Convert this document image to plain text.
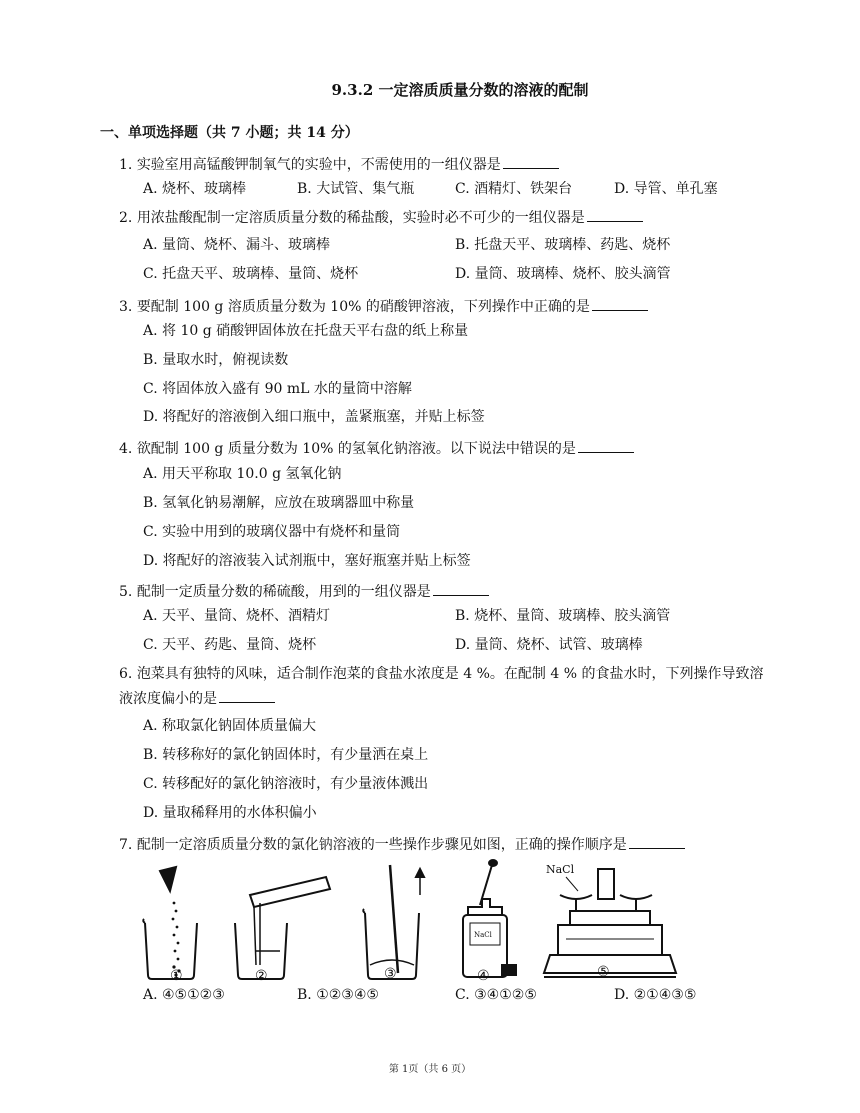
9.3.2 一定溶质质量分数的溶液的配制
一、单项选择题（共 7 小题；共 14 分）
1. 实验室用高锰酸钾制氧气的实验中，不需使用的一组仪器是
A. 烧杯、玻璃棒	B. 大试管、集气瓶	C. 酒精灯、铁架台	D. 导管、单孔塞
2. 用浓盐酸配制一定溶质质量分数的稀盐酸，实验时必不可少的一组仪器是
A. 量筒、烧杯、漏斗、玻璃棒	B. 托盘天平、玻璃棒、药匙、烧杯
C. 托盘天平、玻璃棒、量筒、烧杯	D. 量筒、玻璃棒、烧杯、胶头滴管
3. 要配制 100 g 溶质质量分数为 10% 的硝酸钾溶液，下列操作中正确的是
A. 将 10 g 硝酸钾固体放在托盘天平右盘的纸上称量
B. 量取水时，俯视读数
C. 将固体放入盛有 90 mL 水的量筒中溶解
D. 将配好的溶液倒入细口瓶中，盖紧瓶塞，并贴上标签
4. 欲配制 100 g 质量分数为 10% 的氢氧化钠溶液。以下说法中错误的是
A. 用天平称取 10.0 g 氢氧化钠
B. 氢氧化钠易潮解，应放在玻璃器皿中称量
C. 实验中用到的玻璃仪器中有烧杯和量筒
D. 将配好的溶液装入试剂瓶中，塞好瓶塞并贴上标签
5. 配制一定质量分数的稀硫酸，用到的一组仪器是
A. 天平、量筒、烧杯、酒精灯	B. 烧杯、量筒、玻璃棒、胶头滴管
C. 天平、药匙、量筒、烧杯	D. 量筒、烧杯、试管、玻璃棒
6. 泡菜具有独特的风味，适合制作泡菜的食盐水浓度是 4 %。在配制 4 % 的食盐水时，下列操作导致溶液浓度偏小的是
A. 称取氯化钠固体质量偏大
B. 转移称好的氯化钠固体时，有少量洒在桌上
C. 转移配好的氯化钠溶液时，有少量液体溅出
D. 量取稀释用的水体积偏小
7. 配制一定溶质质量分数的氯化钠溶液的一些操作步骤见如图，正确的操作顺序是
NaCl
NaCl
①	②	③	④	⑤
A. ④⑤①②③	B. ①②③④⑤	C. ③④①②⑤	D. ②①④③⑤
第 1页（共 6 页）
